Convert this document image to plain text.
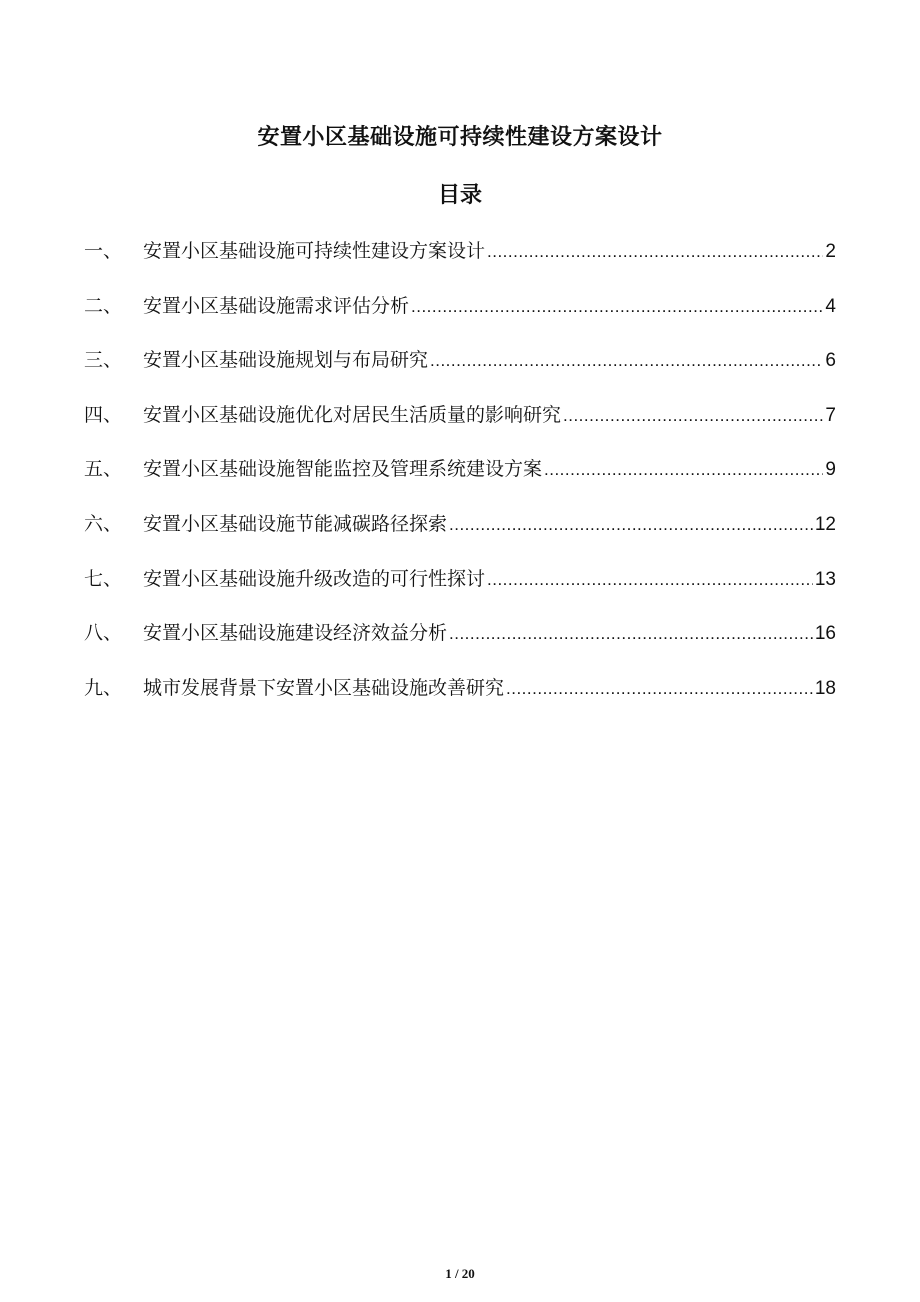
安置小区基础设施可持续性建设方案设计
目录
一、	安置小区基础设施可持续性建设方案设计 .....	2
二、	安置小区基础设施需求评估分析 .....	4
三、	安置小区基础设施规划与布局研究 .....	6
四、	安置小区基础设施优化对居民生活质量的影响研究 .....	7
五、	安置小区基础设施智能监控及管理系统建设方案 .....	9
六、	安置小区基础设施节能减碳路径探索 .....	12
七、	安置小区基础设施升级改造的可行性探讨 .....	13
八、	安置小区基础设施建设经济效益分析 .....	16
九、	城市发展背景下安置小区基础设施改善研究 .....	18
1 / 20
